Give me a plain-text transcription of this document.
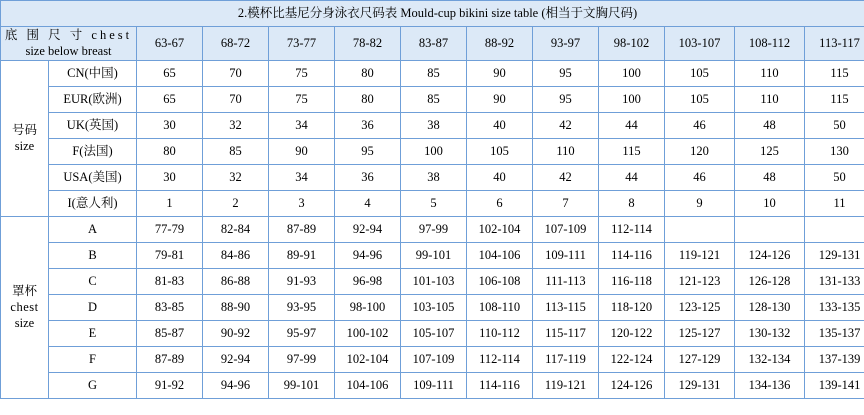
2.模杯比基尼分身泳衣尺码表 Mould-cup bikini size table (相当于文胸尺码)												

底 围 尺 寸 chest
size below breast		63-67	68-72	73-77	78-82	83-87	88-92	93-97	98-102	103-107	108-112	113-117

号码
size	CN(中国)	65	70	75	80	85	90	95	100	105	110	115
	EUR(欧洲)	65	70	75	80	85	90	95	100	105	110	115
	UK(英国)	30	32	34	36	38	40	42	44	46	48	50
	F(法国)	80	85	90	95	100	105	110	115	120	125	130
	USA(美国)	30	32	34	36	38	40	42	44	46	48	50
	I(意人利)	1	2	3	4	5	6	7	8	9	10	11

罩杯
chest
size	A	77-79	82-84	87-89	92-94	97-99	102-104	107-109	112-114			
	B	79-81	84-86	89-91	94-96	99-101	104-106	109-111	114-116	119-121	124-126	129-131
	C	81-83	86-88	91-93	96-98	101-103	106-108	111-113	116-118	121-123	126-128	131-133
	D	83-85	88-90	93-95	98-100	103-105	108-110	113-115	118-120	123-125	128-130	133-135
	E	85-87	90-92	95-97	100-102	105-107	110-112	115-117	120-122	125-127	130-132	135-137
	F	87-89	92-94	97-99	102-104	107-109	112-114	117-119	122-124	127-129	132-134	137-139
	G	91-92	94-96	99-101	104-106	109-111	114-116	119-121	124-126	129-131	134-136	139-141
